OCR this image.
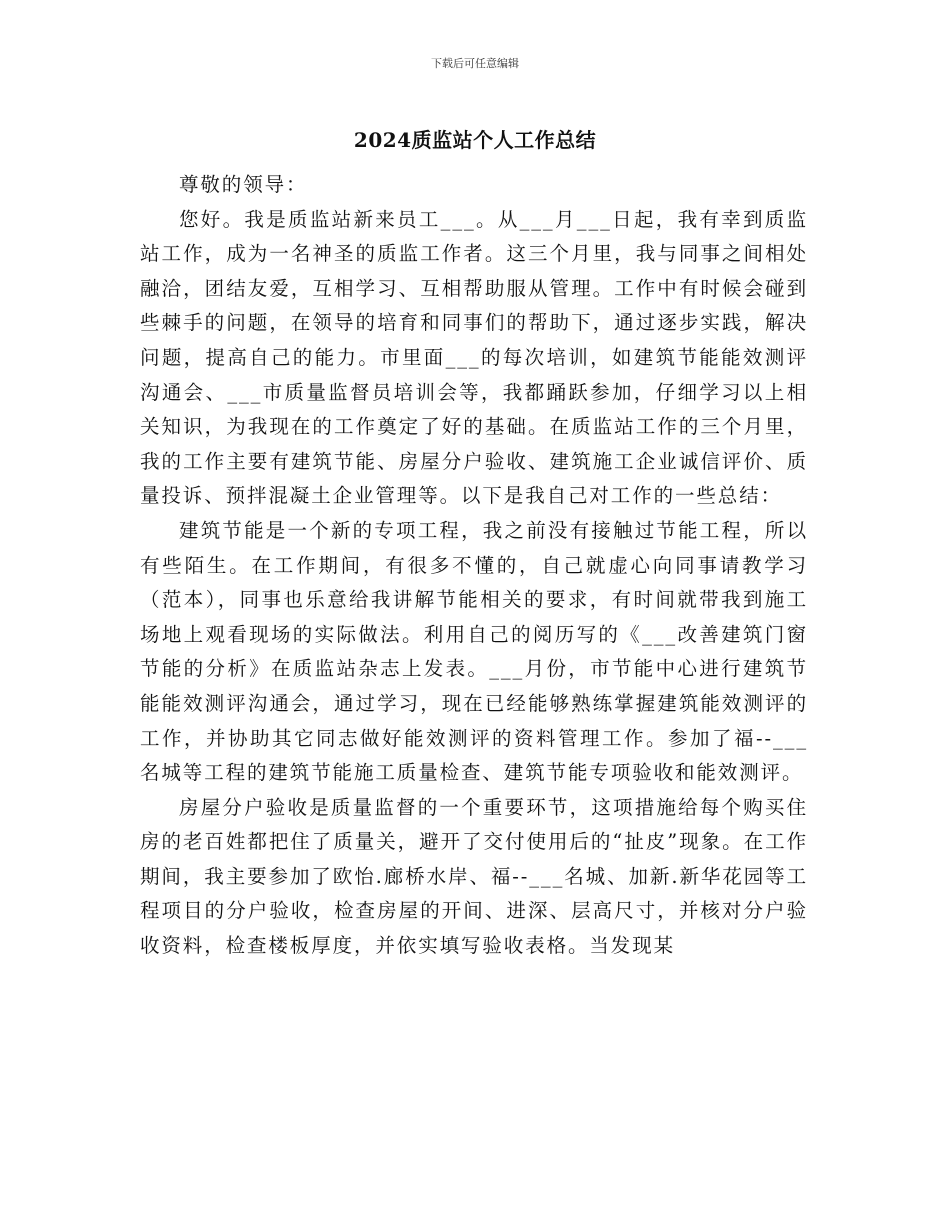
下载后可任意编辑
2024质监站个人工作总结

尊敬的领导：

您好。我是质监站新来员工___。从___月___日起，我有幸到质监站工作，成为一名神圣的质监工作者。这三个月里，我与同事之间相处融洽，团结友爱，互相学习、互相帮助服从管理。工作中有时候会碰到些棘手的问题，在领导的培育和同事们的帮助下，通过逐步实践，解决问题，提高自己的能力。市里面___的每次培训，如建筑节能能效测评沟通会、___市质量监督员培训会等，我都踊跃参加，仔细学习以上相关知识，为我现在的工作奠定了好的基础。在质监站工作的三个月里，我的工作主要有建筑节能、房屋分户验收、建筑施工企业诚信评价、质量投诉、预拌混凝土企业管理等。以下是我自己对工作的一些总结：

建筑节能是一个新的专项工程，我之前没有接触过节能工程，所以有些陌生。在工作期间，有很多不懂的，自己就虚心向同事请教学习（范本），同事也乐意给我讲解节能相关的要求，有时间就带我到施工场地上观看现场的实际做法。利用自己的阅历写的《___改善建筑门窗节能的分析》在质监站杂志上发表。___月份，市节能中心进行建筑节能能效测评沟通会，通过学习，现在已经能够熟练掌握建筑能效测评的工作，并协助其它同志做好能效测评的资料管理工作。参加了福--___名城等工程的建筑节能施工质量检查、建筑节能专项验收和能效测评。

房屋分户验收是质量监督的一个重要环节，这项措施给每个购买住房的老百姓都把住了质量关，避开了交付使用后的“扯皮”现象。在工作期间，我主要参加了欧怡.廊桥水岸、福--___名城、加新.新华花园等工程项目的分户验收，检查房屋的开间、进深、层高尺寸，并核对分户验收资料，检查楼板厚度，并依实填写验收表格。当发现某
